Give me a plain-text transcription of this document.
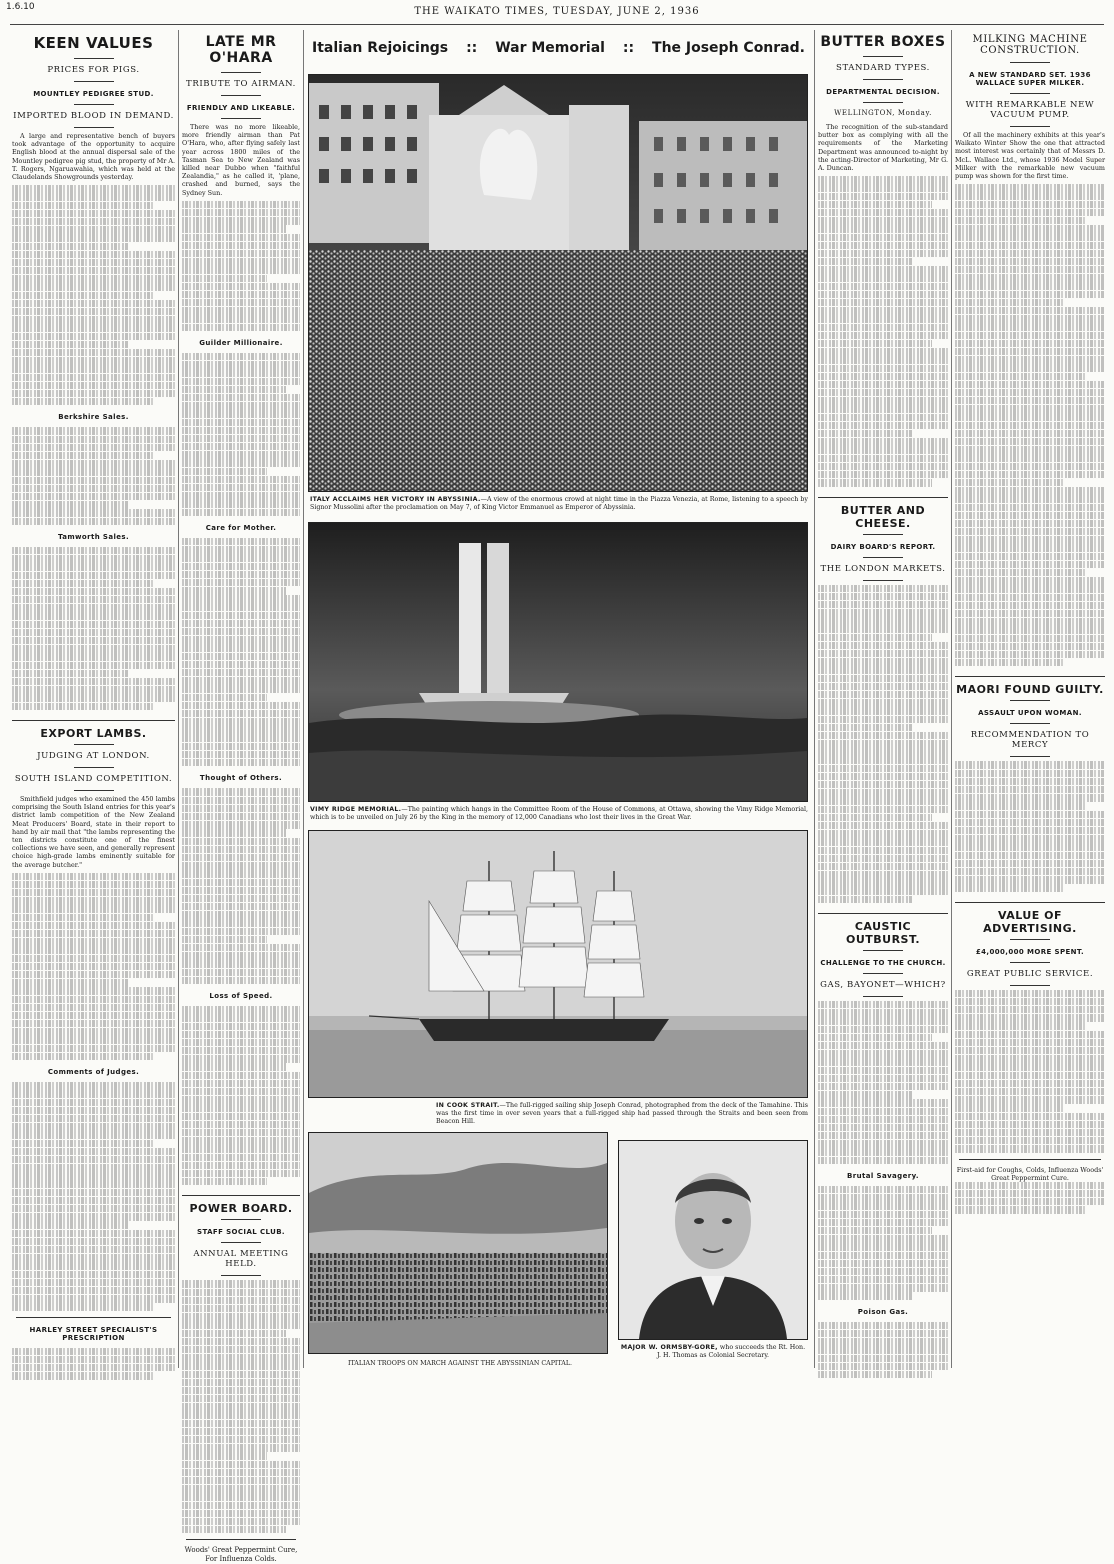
1.6.10	THE WAIKATO TIMES, TUESDAY, JUNE 2, 1936
KEEN VALUES
PRICES FOR PIGS.
MOUNTLEY PEDIGREE STUD.
IMPORTED BLOOD IN DEMAND.

A large and representative bench of buyers took advantage of the opportunity to acquire English blood at the annual dispersal sale of the Mountley pedigree pig stud, the property of Mr A. T. Rogers, Ngaruawahia, which was held at the Claudelands Showgrounds yesterday.

Berkshire Sales.
Tamworth Sales.
EXPORT LAMBS.
JUDGING AT LONDON.
SOUTH ISLAND COMPETITION.

Smithfield judges who examined the 450 lambs comprising the South Island entries for this year's district lamb competition of the New Zealand Meat Producers' Board, state in their report to hand by air mail that "the lambs representing the ten districts constitute one of the finest collections we have seen, and generally represent choice high-grade lambs eminently suitable for the average butcher."

Comments of Judges.
HARLEY STREET SPECIALIST'S PRESCRIPTION
LATE MR O'HARA
TRIBUTE TO AIRMAN.
FRIENDLY AND LIKEABLE.

There was no more likeable, more friendly airman than Pat O'Hara, who, after flying safely last year across 1800 miles of the Tasman Sea to New Zealand was killed near Dubbo when "faithful Zealandia," as he called it, 'plane, crashed and burned, says the Sydney Sun.

Guilder Millionaire.
Care for Mother.
Thought of Others.
Loss of Speed.
POWER BOARD.
STAFF SOCIAL CLUB.
ANNUAL MEETING HELD.
Woods' Great Peppermint Cure, For Influenza Colds.
Italian Rejoicings :: War Memorial :: The Joseph Conrad.
ITALY ACCLAIMS HER VICTORY IN ABYSSINIA.—A view of the enormous crowd at night time in the Piazza Venezia, at Rome, listening to a speech by Signor Mussolini after the proclamation on May 7, of King Victor Emmanuel as Emperor of Abyssinia.
VIMY RIDGE MEMORIAL.—The painting which hangs in the Committee Room of the House of Commons, at Ottawa, showing the Vimy Ridge Memorial, which is to be unveiled on July 26 by the King in the memory of 12,000 Canadians who lost their lives in the Great War.
IN COOK STRAIT.—The full-rigged sailing ship Joseph Conrad, photographed from the deck of the Tamahine. This was the first time in over seven years that a full-rigged ship had passed through the Straits and been seen from Beacon Hill.
ITALIAN TROOPS ON MARCH AGAINST THE ABYSSINIAN CAPITAL.
MAJOR W. ORMSBY-GORE, who succeeds the Rt. Hon. J. H. Thomas as Colonial Secretary.
BUTTER BOXES
STANDARD TYPES.
DEPARTMENTAL DECISION.
WELLINGTON, Monday.

The recognition of the sub-standard butter box as complying with all the requirements of the Marketing Department was announced to-night by the acting-Director of Marketing, Mr G. A. Duncan.

BUTTER AND CHEESE.
DAIRY BOARD'S REPORT.
THE LONDON MARKETS.
CAUSTIC OUTBURST.
CHALLENGE TO THE CHURCH.
GAS, BAYONET—WHICH?
Brutal Savagery.
Poison Gas.
MILKING MACHINE CONSTRUCTION.
A NEW STANDARD SET. 1936 WALLACE SUPER MILKER.
WITH REMARKABLE NEW VACUUM PUMP.

Of all the machinery exhibits at this year's Waikato Winter Show the one that attracted most interest was certainly that of Messrs D. McL. Wallace Ltd., whose 1936 Model Super Milker with the remarkable new vacuum pump was shown for the first time.

MAORI FOUND GUILTY.
ASSAULT UPON WOMAN.
RECOMMENDATION TO MERCY
VALUE OF ADVERTISING.
£4,000,000 MORE SPENT.
GREAT PUBLIC SERVICE.
First-aid for Coughs, Colds, Influenza Woods' Great Peppermint Cure.
